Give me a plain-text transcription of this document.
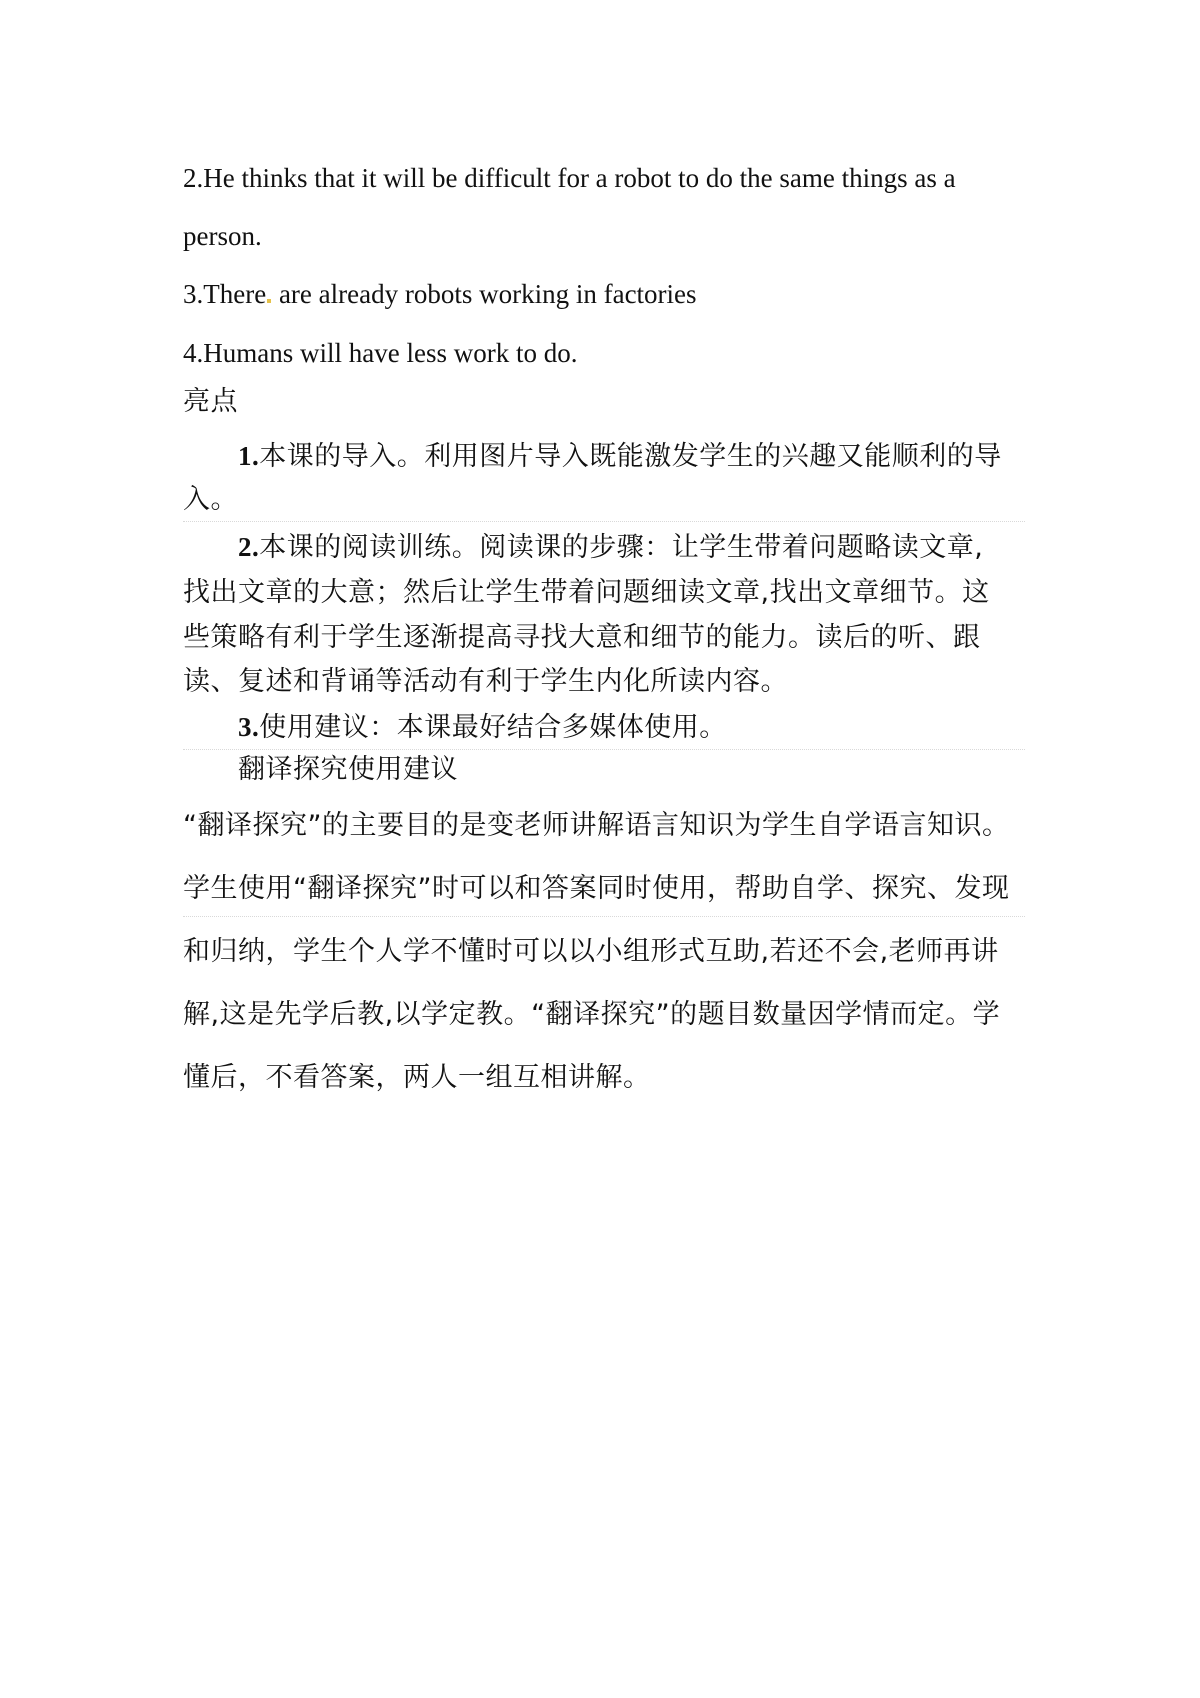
2.He thinks that it will be difficult for a robot to do the same things as a
person.
3.There are already robots working in factories
4.Humans will have less work to do.
亮点
1.本课的导入。利用图片导入既能激发学生的兴趣又能顺利的导
入。
2.本课的阅读训练。阅读课的步骤：让学生带着问题略读文章,
找出文章的大意；然后让学生带着问题细读文章,找出文章细节。这
些策略有利于学生逐渐提高寻找大意和细节的能力。读后的听、跟
读、复述和背诵等活动有利于学生内化所读内容。
3.使用建议：本课最好结合多媒体使用。
翻译探究使用建议
“翻译探究”的主要目的是变老师讲解语言知识为学生自学语言知识。
学生使用“翻译探究”时可以和答案同时使用，帮助自学、探究、发现
和归纳，学生个人学不懂时可以以小组形式互助,若还不会,老师再讲
解,这是先学后教,以学定教。“翻译探究”的题目数量因学情而定。学
懂后，不看答案，两人一组互相讲解。
